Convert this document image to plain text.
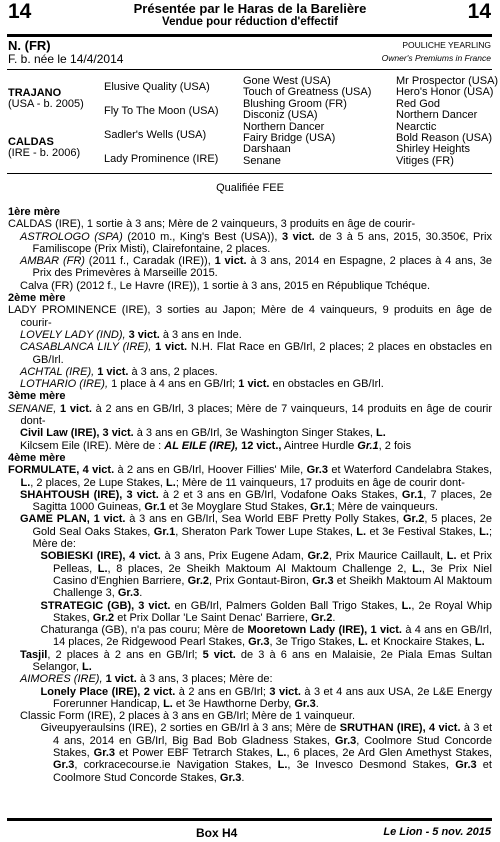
14	14
Présentée par le Haras de la Barelière
Vendue pour réduction d'effectif
N. (FR)
F. b. née le 14/4/2014
POULICHE YEARLING
Owner's Premiums in France
TRAJANO
(USA - b. 2005)
CALDAS
(IRE - b. 2006)
Elusive Quality (USA)
Fly To The Moon (USA)
Sadler's Wells (USA)
Lady Prominence (IRE)
Gone West (USA)
Touch of Greatness (USA)
Blushing Groom (FR)
Disconiz (USA)
Northern Dancer
Fairy Bridge (USA)
Darshaan
Senane
Mr Prospector (USA)
Hero's Honor (USA)
Red God
Northern Dancer
Nearctic
Bold Reason (USA)
Shirley Heights
Vitiges (FR)
Qualifiée FEE
1ère mère

CALDAS (IRE), 1 sortie à 3 ans; Mère de 2 vainqueurs, 3 produits en âge de courir-

ASTROLOGO (SPA) (2010 m., King's Best (USA)), 3 vict. de 3 à 5 ans, 2015, 30.350€, Prix Familiscope (Prix Misti), Clairefontaine, 2 places.

AMBAR (FR) (2011 f., Caradak (IRE)), 1 vict. à 3 ans, 2014 en Espagne, 2 places à 4 ans, 3e Prix des Primevères à Marseille 2015.

Calva (FR) (2012 f., Le Havre (IRE)), 1 sortie à 3 ans, 2015 en République Tchéque.

2ème mère

LADY PROMINENCE (IRE), 3 sorties au Japon; Mère de 4 vainqueurs, 9 produits en âge de courir-

LOVELY LADY (IND), 3 vict. à 3 ans en Inde.

CASABLANCA LILY (IRE), 1 vict. N.H. Flat Race en GB/Irl, 2 places; 2 places en obstacles en GB/Irl.

ACHTAL (IRE), 1 vict. à 3 ans, 2 places.

LOTHARIO (IRE), 1 place à 4 ans en GB/Irl; 1 vict. en obstacles en GB/Irl.

3ème mère

SENANE, 1 vict. à 2 ans en GB/Irl, 3 places; Mère de 7 vainqueurs, 14 produits en âge de courir dont-

Civil Law (IRE), 3 vict. à 3 ans en GB/Irl, 3e Washington Singer Stakes, L.

Kilcsem Eile (IRE). Mère de : AL EILE (IRE), 12 vict., Aintree Hurdle Gr.1, 2 fois

4ème mère

FORMULATE, 4 vict. à 2 ans en GB/Irl, Hoover Fillies' Mile, Gr.3 et Waterford Candelabra Stakes, L., 2 places, 2e Lupe Stakes, L.; Mère de 11 vainqueurs, 17 produits en âge de courir dont-

SHAHTOUSH (IRE), 3 vict. à 2 et 3 ans en GB/Irl, Vodafone Oaks Stakes, Gr.1, 7 places, 2e Sagitta 1000 Guineas, Gr.1 et 3e Moyglare Stud Stakes, Gr.1; Mère de vainqueurs.

GAME PLAN, 1 vict. à 3 ans en GB/Irl, Sea World EBF Pretty Polly Stakes, Gr.2, 5 places, 2e Gold Seal Oaks Stakes, Gr.1, Sheraton Park Tower Lupe Stakes, L. et 3e Festival Stakes, L.; Mère de:

SOBIESKI (IRE), 4 vict. à 3 ans, Prix Eugene Adam, Gr.2, Prix Maurice Caillault, L. et Prix Pelleas, L., 8 places, 2e Sheikh Maktoum Al Maktoum Challenge 2, L., 3e Prix Niel Casino d'Enghien Barriere, Gr.2, Prix Gontaut-Biron, Gr.3 et Sheikh Maktoum Al Maktoum Challenge 3, Gr.3.

STRATEGIC (GB), 3 vict. en GB/Irl, Palmers Golden Ball Trigo Stakes, L., 2e Royal Whip Stakes, Gr.2 et Prix Dollar 'Le Saint Denac' Barriere, Gr.2.

Chaturanga (GB), n'a pas couru; Mère de Mooretown Lady (IRE), 1 vict. à 4 ans en GB/Irl, 14 places, 2e Ridgewood Pearl Stakes, Gr.3, 3e Trigo Stakes, L. et Knockaire Stakes, L.

Tasjil, 2 places à 2 ans en GB/Irl; 5 vict. de 3 à 6 ans en Malaisie, 2e Piala Emas Sultan Selangor, L.

AIMORES (IRE), 1 vict. à 3 ans, 3 places; Mère de:

Lonely Place (IRE), 2 vict. à 2 ans en GB/Irl; 3 vict. à 3 et 4 ans aux USA, 2e L&E Energy Forerunner Handicap, L. et 3e Hawthorne Derby, Gr.3.

Classic Form (IRE), 2 places à 3 ans en GB/Irl; Mère de 1 vainqueur.

Giveupyeraulsins (IRE), 2 sorties en GB/Irl à 3 ans; Mère de SRUTHAN (IRE), 4 vict. à 3 et 4 ans, 2014 en GB/Irl, Big Bad Bob Gladness Stakes, Gr.3, Coolmore Stud Concorde Stakes, Gr.3 et Power EBF Tetrarch Stakes, L., 6 places, 2e Ard Glen Amethyst Stakes, Gr.3, corkracecourse.ie Navigation Stakes, L., 3e Invesco Desmond Stakes, Gr.3 et Coolmore Stud Concorde Stakes, Gr.3.

Box H4	Le Lion - 5 nov. 2015
